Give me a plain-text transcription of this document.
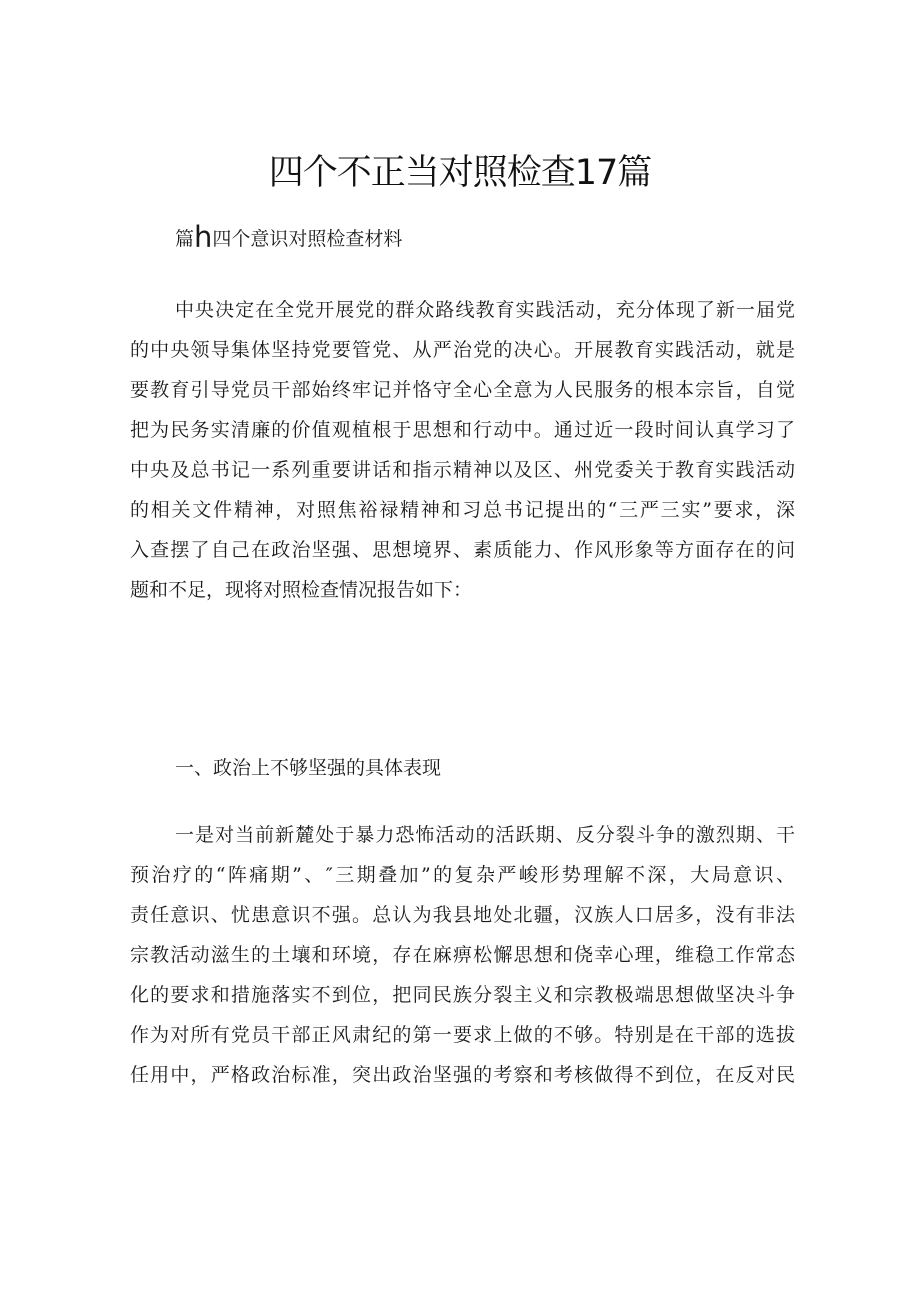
四个不正当对照检查17篇
篇h四个意识对照检查材料
中央决定在全党开展党的群众路线教育实践活动，充分体现了新一届党
的中央领导集体坚持党要管党、从严治党的决心。开展教育实践活动，就是
要教育引导党员干部始终牢记并恪守全心全意为人民服务的根本宗旨，自觉
把为民务实清廉的价值观植根于思想和行动中。通过近一段时间认真学习了
中央及总书记一系列重要讲话和指示精神以及区、州党委关于教育实践活动
的相关文件精神，对照焦裕禄精神和习总书记提出的“三严三实”要求，深
入查摆了自己在政治坚强、思想境界、素质能力、作风形象等方面存在的问
题和不足，现将对照检查情况报告如下：
一、政治上不够坚强的具体表现
一是对当前新麓处于暴力恐怖活动的活跃期、反分裂斗争的激烈期、干
预治疗的“阵痛期”、″三期叠加”的复杂严峻形势理解不深，大局意识、
责任意识、忧患意识不强。总认为我县地处北疆，汉族人口居多，没有非法
宗教活动滋生的土壤和环境，存在麻痹松懈思想和侥幸心理，维稳工作常态
化的要求和措施落实不到位，把同民族分裂主义和宗教极端思想做坚决斗争
作为对所有党员干部正风肃纪的第一要求上做的不够。特别是在干部的选拔
任用中，严格政治标准，突出政治坚强的考察和考核做得不到位，在反对民
